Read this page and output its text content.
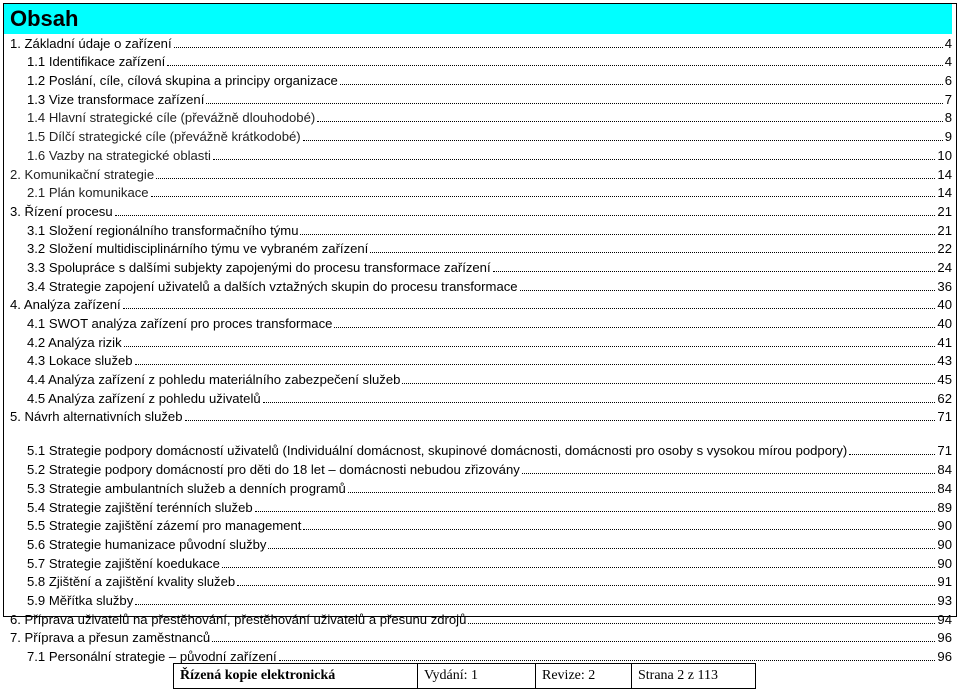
Obsah
1. Základní údaje o zařízení	4
1.1 Identifikace zařízení	4
1.2 Poslání, cíle, cílová skupina a principy organizace	6
1.3 Vize transformace zařízení	7
1.4 Hlavní strategické cíle (převážně dlouhodobé)	8
1.5 Dílčí strategické cíle (převážně krátkodobé)	9
1.6 Vazby na strategické oblasti	10
2. Komunikační strategie	14
2.1 Plán komunikace	14
3. Řízení procesu	21
3.1 Složení regionálního transformačního týmu	21
3.2 Složení multidisciplinárního týmu ve vybraném zařízení	22
3.3 Spolupráce s dalšími subjekty zapojenými do procesu transformace zařízení	24
3.4 Strategie zapojení uživatelů a dalších vztažných skupin do procesu transformace	36
4. Analýza zařízení	40
4.1 SWOT analýza zařízení pro proces transformace	40
4.2 Analýza rizik	41
4.3 Lokace služeb	43
4.4 Analýza zařízení z pohledu materiálního zabezpečení služeb	45
4.5 Analýza zařízení z pohledu uživatelů	62
5. Návrh alternativních služeb	71
5.1 Strategie podpory domácností uživatelů (Individuální domácnost, skupinové domácnosti, domácnosti pro osoby s vysokou mírou podpory)	71
5.2 Strategie podpory domácností pro děti do 18 let – domácnosti nebudou zřizovány	84
5.3 Strategie ambulantních služeb a denních programů	84
5.4 Strategie zajištění terénních služeb	89
5.5 Strategie zajištění zázemí pro management	90
5.6 Strategie humanizace původní služby	90
5.7 Strategie zajištění koedukace	90
5.8 Zjištění a zajištění kvality služeb	91
5.9 Měřítka služby	93
6. Příprava uživatelů na přestěhování, přestěhování uživatelů a přesunu zdrojů	94
7. Příprava a přesun zaměstnanců	96
7.1 Personální strategie – původní zařízení	96
Řízená kopie elektronická	Vydání: 1	Revize: 2	Strana 2 z 113
